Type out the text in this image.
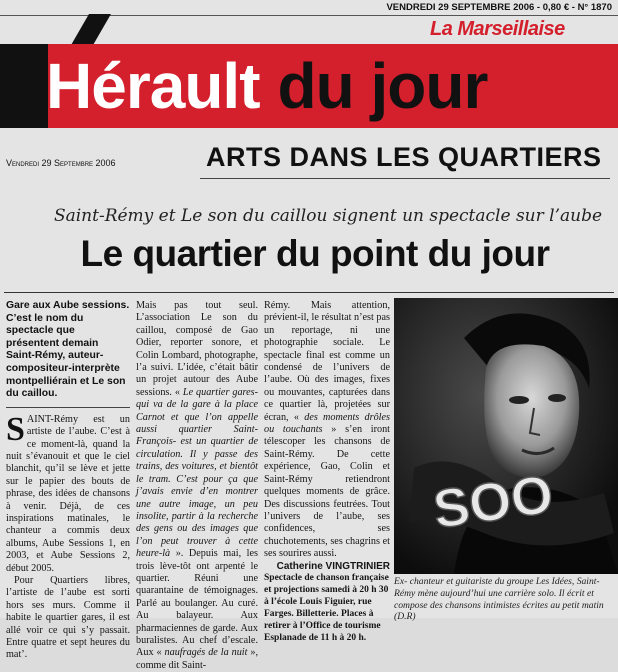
VENDREDI 29 SEPTEMBRE 2006 - 0,80 € - N° 1870
La Marseillaise
Hérault du jour
Vendredi 29 Septembre 2006	ARTS DANS LES QUARTIERS
Saint-Rémy et Le son du caillou signent un spectacle sur l’aube
Le quartier du point du jour

Gare aux Aube sessions. C’est le nom du spectacle que présentent demain Saint-Rémy, auteur-compositeur-interprète montpelliérain et Le son du caillou.

SAINT-Rémy est un artiste de l’aube. C’est à ce moment-là, quand la nuit s’évanouit et que le ciel blanchit, qu’il se lève et jette sur le papier des bouts de phrase, des idées de chansons à venir. Déjà, de ces inspirations matinales, le chanteur a commis deux albums, Aube Sessions 1, en 2003, et Aube Sessions 2, début 2005.

Pour Quartiers libres, l’artiste de l’aube est sorti hors ses murs. Comme il habite le quartier gares, il est allé voir ce qui s’y passait. Entre quatre et sept heures du mat’.

Mais pas tout seul. L’association Le son du caillou, composé de Gao Odier, reporter sonore, et Colin Lombard, photographe, l’a suivi. L’idée, c’était bâtir un projet autour des Aube sessions. « Le quartier gares- qui va de la gare à la place Carnot et que l’on appelle aussi quartier Saint-François- est un quartier de circulation. Il y passe des trains, des voitures, et bientôt le tram. C’est pour ça que j’avais envie d’en montrer une autre image, un peu insolite, partir à la recherche des gens ou des images que l’on peut trouver à cette heure-là ». Depuis mai, les trois lève-tôt ont arpenté le quartier. Réuni une quarantaine de témoignages. Parlé au boulanger. Au curé. Au balayeur. Aux pharmaciennes de garde. Aux buralistes. Au chef d’escale. Aux « naufragés de la nuit », comme dit Saint-

Rémy. Mais attention, prévient-il, le résultat n’est pas un reportage, ni une photographie sociale. Le spectacle final est comme un condensé de l’univers de l’aube. Où des images, fixes ou mouvantes, capturées dans ce quartier là, projetées sur écran, « des moments drôles ou touchants » s’en iront télescoper les chansons de Saint-Rémy. De cette expérience, Gao, Colin et Saint-Rémy retiendront quelques moments de grâce. Des discussions feutrées. Tout l’univers de l’aube, ses confidences, ses chuchotements, ses chagrins et ses sourires aussi.

Catherine VINGTRINIER

Spectacle de chanson française et projections samedi à 20 h 30 à l’école Louis Figuier, rue Farges. Billetterie. Places à retirer à l’Office de tourisme Esplanade de 11 h à 20 h.

SOO
Ex- chanteur et guitariste du groupe Les Idées, Saint-Rémy mène aujourd’hui une carrière solo. Il écrit et compose des chansons intimistes écrites au petit matin (D.R)
